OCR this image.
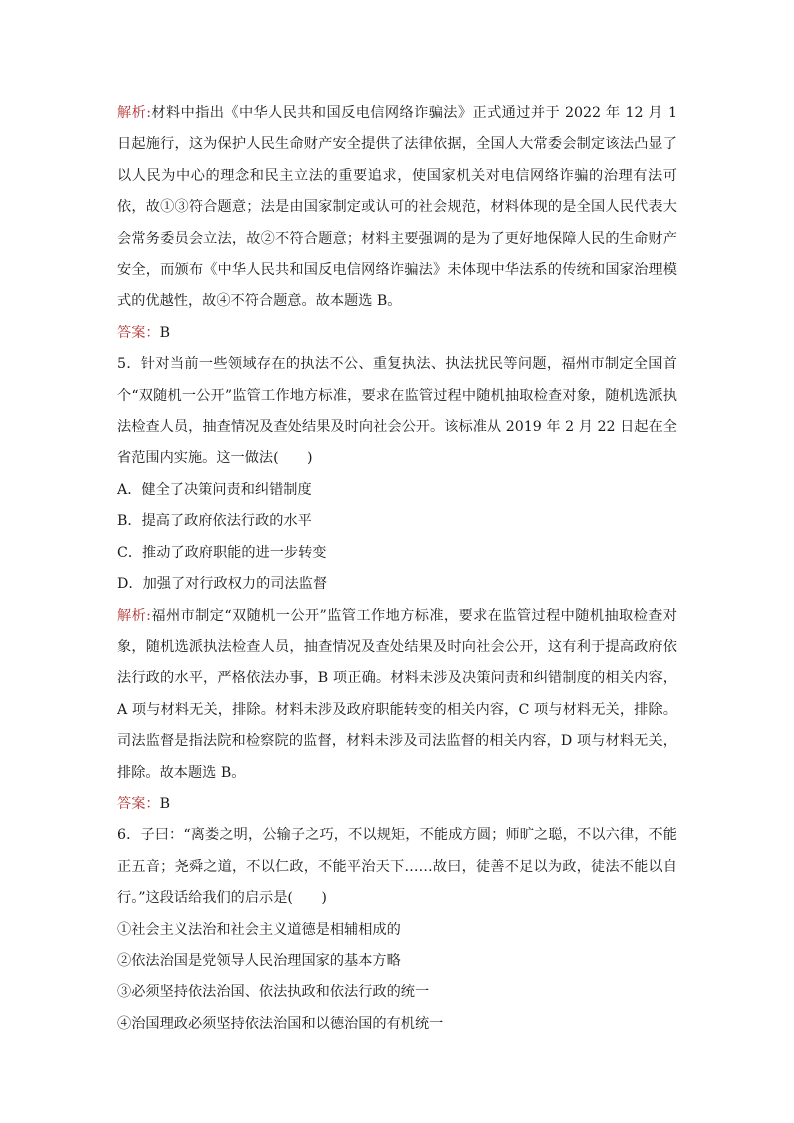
解析:材料中指出《中华人民共和国反电信网络诈骗法》正式通过并于 2022 年 12 月 1 日起施行，这为保护人民生命财产安全提供了法律依据，全国人大常委会制定该法凸显了以人民为中心的理念和民主立法的重要追求，使国家机关对电信网络诈骗的治理有法可依，故①③符合题意；法是由国家制定或认可的社会规范，材料体现的是全国人民代表大会常务委员会立法，故②不符合题意；材料主要强调的是为了更好地保障人民的生命财产安全，而颁布《中华人民共和国反电信网络诈骗法》未体现中华法系的传统和国家治理模式的优越性，故④不符合题意。故本题选 B。

答案：B

5．针对当前一些领域存在的执法不公、重复执法、执法扰民等问题，福州市制定全国首个“双随机一公开”监管工作地方标准，要求在监管过程中随机抽取检查对象，随机选派执法检查人员，抽查情况及查处结果及时向社会公开。该标准从 2019 年 2 月 22 日起在全省范围内实施。这一做法(　　)

A．健全了决策问责和纠错制度

B．提高了政府依法行政的水平

C．推动了政府职能的进一步转变

D．加强了对行政权力的司法监督

解析:福州市制定“双随机一公开”监管工作地方标准，要求在监管过程中随机抽取检查对象，随机选派执法检查人员，抽查情况及查处结果及时向社会公开，这有利于提高政府依法行政的水平，严格依法办事，B 项正确。材料未涉及决策问责和纠错制度的相关内容，A 项与材料无关，排除。材料未涉及政府职能转变的相关内容，C 项与材料无关，排除。司法监督是指法院和检察院的监督，材料未涉及司法监督的相关内容，D 项与材料无关，排除。故本题选 B。

答案：B

6．子曰：“离娄之明，公输子之巧，不以规矩，不能成方圆；师旷之聪，不以六律，不能正五音；尧舜之道，不以仁政，不能平治天下……故曰，徒善不足以为政，徒法不能以自行。”这段话给我们的启示是(　　)

①社会主义法治和社会主义道德是相辅相成的

②依法治国是党领导人民治理国家的基本方略

③必须坚持依法治国、依法执政和依法行政的统一

④治国理政必须坚持依法治国和以德治国的有机统一
